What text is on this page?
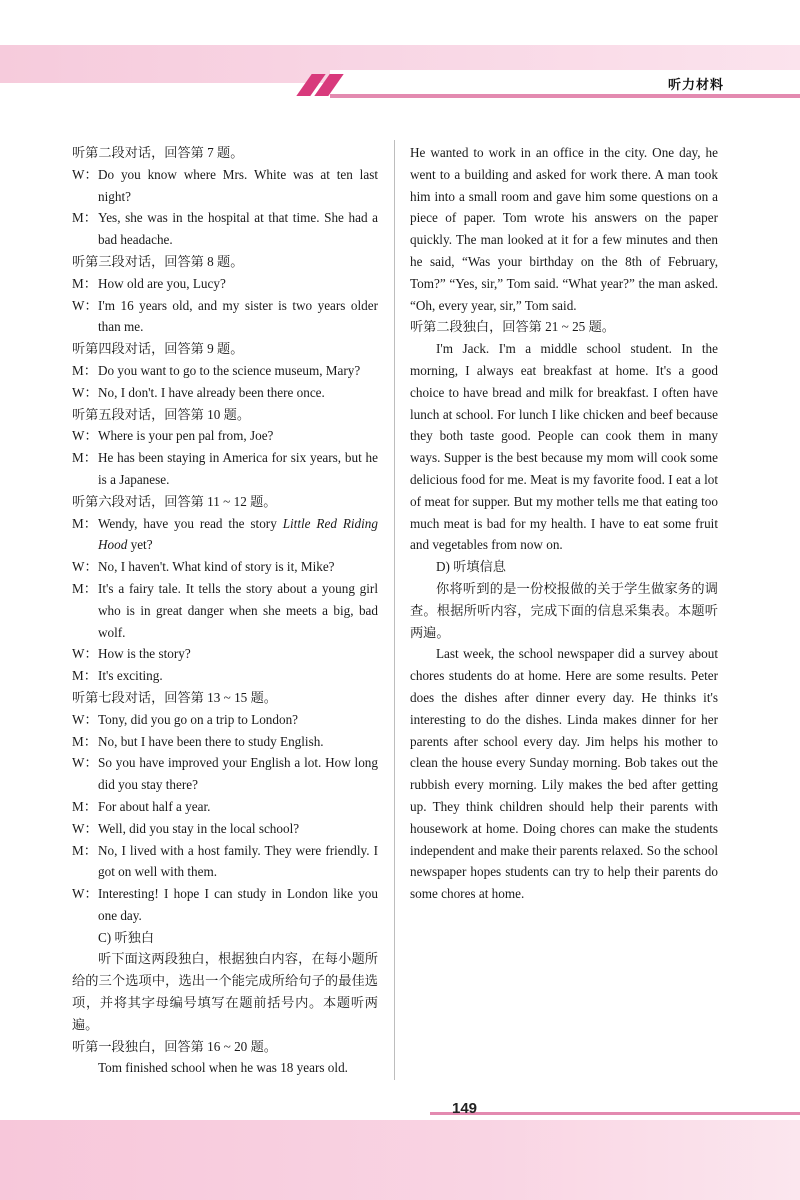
听力材料
听第二段对话，回答第 7 题。
W： Do you know where Mrs. White was at ten last night?
M： Yes, she was in the hospital at that time. She had a bad headache.
听第三段对话，回答第 8 题。
M： How old are you, Lucy?
W： I'm 16 years old, and my sister is two years older than me.
听第四段对话，回答第 9 题。
M： Do you want to go to the science museum, Mary?
W： No, I don't. I have already been there once.
听第五段对话，回答第 10 题。
W： Where is your pen pal from, Joe?
M： He has been staying in America for six years, but he is a Japanese.
听第六段对话，回答第 11 ~ 12 题。
M： Wendy, have you read the story Little Red Riding Hood yet?
W： No, I haven't. What kind of story is it, Mike?
M： It's a fairy tale. It tells the story about a young girl who is in great danger when she meets a big, bad wolf.
W： How is the story?
M： It's exciting.
听第七段对话，回答第 13 ~ 15 题。
W： Tony, did you go on a trip to London?
M： No, but I have been there to study English.
W： So you have improved your English a lot. How long did you stay there?
M： For about half a year.
W： Well, did you stay in the local school?
M： No, I lived with a host family. They were friendly. I got on well with them.
W： Interesting! I hope I can study in London like you one day.
C) 听独白
听下面这两段独白，根据独白内容，在每小题所给的三个选项中，选出一个能完成所给句子的最佳选项，并将其字母编号填写在题前括号内。本题听两遍。
听第一段独白，回答第 16 ~ 20 题。
Tom finished school when he was 18 years old.
He wanted to work in an office in the city. One day, he went to a building and asked for work there. A man took him into a small room and gave him some questions on a piece of paper. Tom wrote his answers on the paper quickly. The man looked at it for a few minutes and then he said, “Was your birthday on the 8th of February, Tom?” “Yes, sir,” Tom said. “What year?” the man asked. “Oh, every year, sir,” Tom said.
听第二段独白，回答第 21 ~ 25 题。
I'm Jack. I'm a middle school student. In the morning, I always eat breakfast at home. It's a good choice to have bread and milk for breakfast. I often have lunch at school. For lunch I like chicken and beef because they both taste good. People can cook them in many ways. Supper is the best because my mom will cook some delicious food for me. Meat is my favorite food. I eat a lot of meat for supper. But my mother tells me that eating too much meat is bad for my health. I have to eat some fruit and vegetables from now on.
D) 听填信息
你将听到的是一份校报做的关于学生做家务的调查。根据所听内容，完成下面的信息采集表。本题听两遍。
Last week, the school newspaper did a survey about chores students do at home. Here are some results. Peter does the dishes after dinner every day. He thinks it's interesting to do the dishes. Linda makes dinner for her parents after school every day. Jim helps his mother to clean the house every Sunday morning. Bob takes out the rubbish every morning. Lily makes the bed after getting up. They think children should help their parents with housework at home. Doing chores can make the students independent and make their parents relaxed. So the school newspaper hopes students can try to help their parents do some chores at home.
149
